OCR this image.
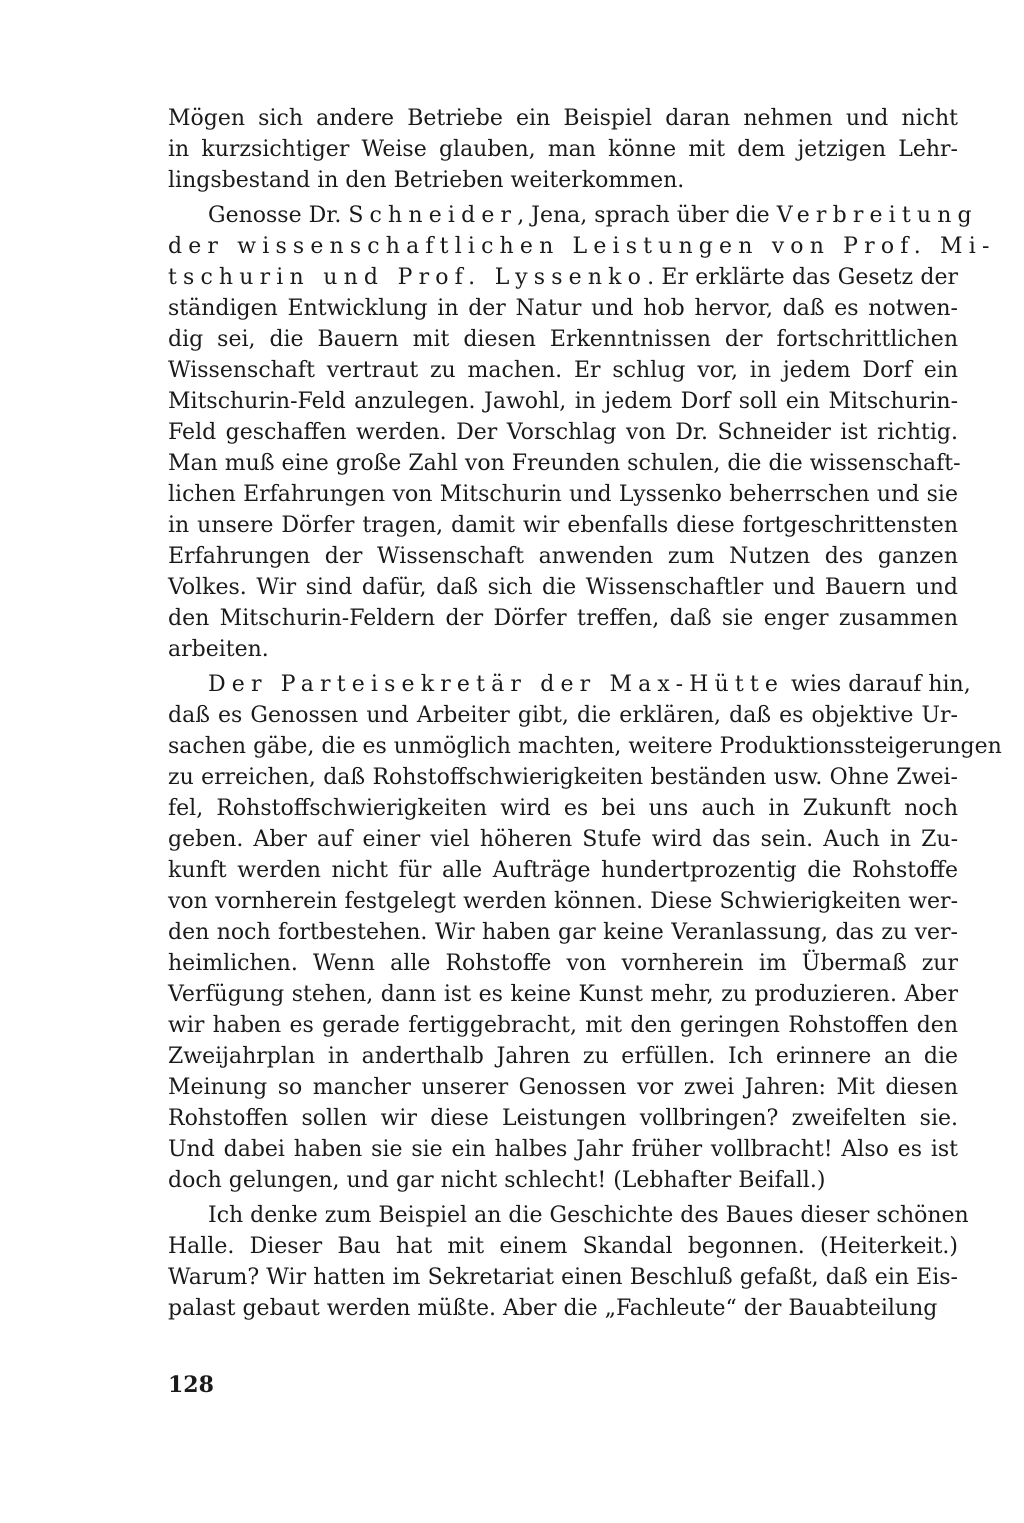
Mögen sich andere Betriebe ein Beispiel daran nehmen und nicht
in kurzsichtiger Weise glauben, man könne mit dem jetzigen Lehr-
lingsbestand in den Betrieben weiterkommen.
Genosse Dr. Schneider, Jena, sprach über die Verbreitung
der wissenschaftlichen Leistungen von Prof. Mi-
tschurin und Prof. Lyssenko. Er erklärte das Gesetz der
ständigen Entwicklung in der Natur und hob hervor, daß es notwen-
dig sei, die Bauern mit diesen Erkenntnissen der fortschrittlichen
Wissenschaft vertraut zu machen. Er schlug vor, in jedem Dorf ein
Mitschurin-Feld anzulegen. Jawohl, in jedem Dorf soll ein Mitschurin-
Feld geschaffen werden. Der Vorschlag von Dr. Schneider ist richtig.
Man muß eine große Zahl von Freunden schulen, die die wissenschaft-
lichen Erfahrungen von Mitschurin und Lyssenko beherrschen und sie
in unsere Dörfer tragen, damit wir ebenfalls diese fortgeschrittensten
Erfahrungen der Wissenschaft anwenden zum Nutzen des ganzen
Volkes. Wir sind dafür, daß sich die Wissenschaftler und Bauern und
den Mitschurin-Feldern der Dörfer treffen, daß sie enger zusammen
arbeiten.
Der Parteisekretär der Max-Hütte wies darauf hin,
daß es Genossen und Arbeiter gibt, die erklären, daß es objektive Ur-
sachen gäbe, die es unmöglich machten, weitere Produktionssteigerungen
zu erreichen, daß Rohstoffschwierigkeiten beständen usw. Ohne Zwei-
fel, Rohstoffschwierigkeiten wird es bei uns auch in Zukunft noch
geben. Aber auf einer viel höheren Stufe wird das sein. Auch in Zu-
kunft werden nicht für alle Aufträge hundertprozentig die Rohstoffe
von vornherein festgelegt werden können. Diese Schwierigkeiten wer-
den noch fortbestehen. Wir haben gar keine Veranlassung, das zu ver-
heimlichen. Wenn alle Rohstoffe von vornherein im Übermaß zur
Verfügung stehen, dann ist es keine Kunst mehr, zu produzieren. Aber
wir haben es gerade fertiggebracht, mit den geringen Rohstoffen den
Zweijahrplan in anderthalb Jahren zu erfüllen. Ich erinnere an die
Meinung so mancher unserer Genossen vor zwei Jahren: Mit diesen
Rohstoffen sollen wir diese Leistungen vollbringen? zweifelten sie.
Und dabei haben sie sie ein halbes Jahr früher vollbracht! Also es ist
doch gelungen, und gar nicht schlecht! (Lebhafter Beifall.)
Ich denke zum Beispiel an die Geschichte des Baues dieser schönen
Halle. Dieser Bau hat mit einem Skandal begonnen. (Heiterkeit.)
Warum? Wir hatten im Sekretariat einen Beschluß gefaßt, daß ein Eis-
palast gebaut werden müßte. Aber die „Fachleute“ der Bauabteilung
128
